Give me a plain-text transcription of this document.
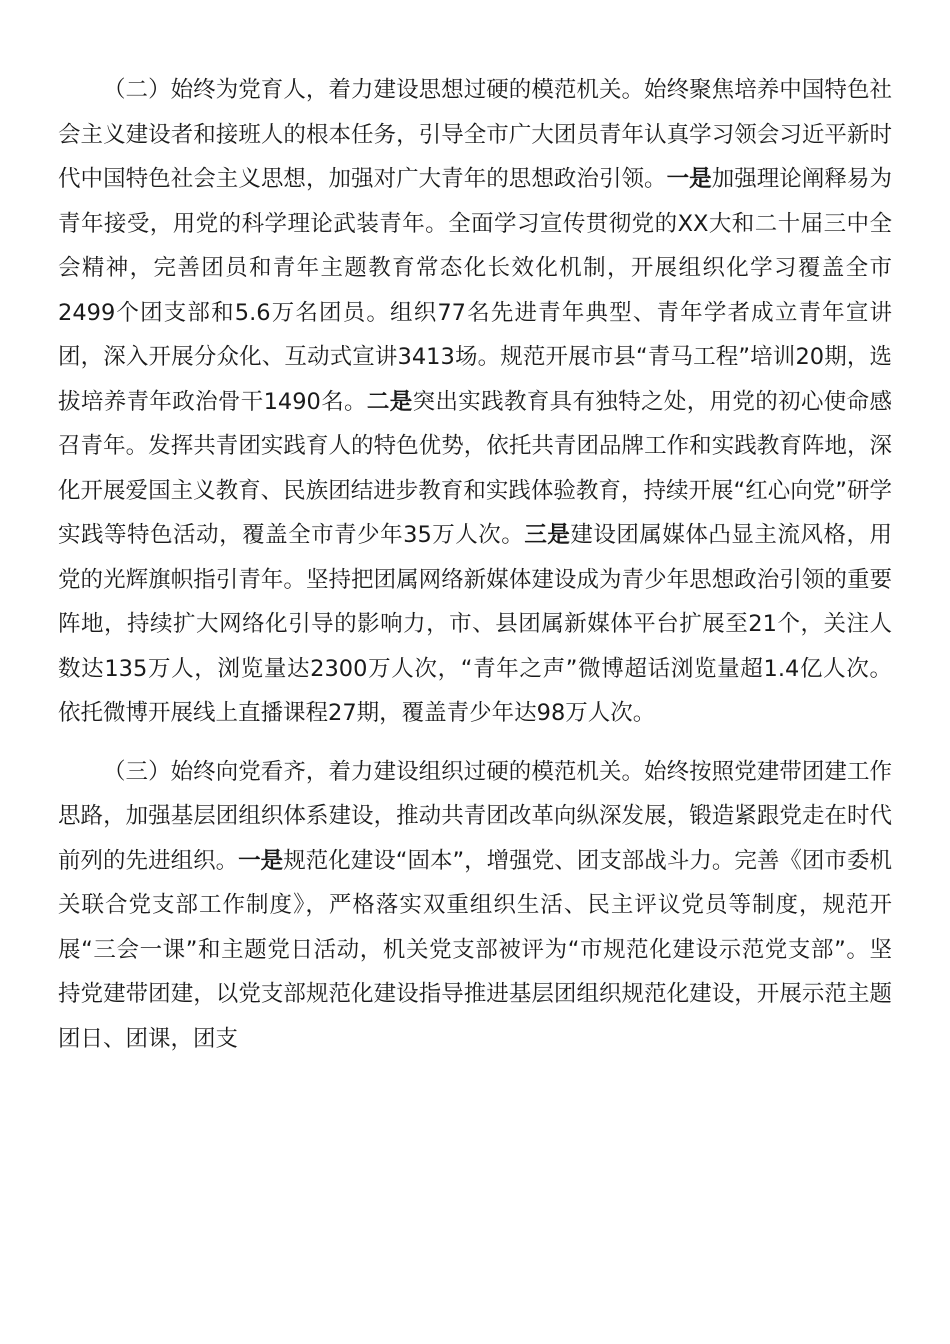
（二）始终为党育人，着力建设思想过硬的模范机关。始终聚焦培养中国特色社会主义建设者和接班人的根本任务，引导全市广大团员青年认真学习领会习近平新时代中国特色社会主义思想，加强对广大青年的思想政治引领。一是加强理论阐释易为青年接受，用党的科学理论武装青年。全面学习宣传贯彻党的XX大和二十届三中全会精神，完善团员和青年主题教育常态化长效化机制，开展组织化学习覆盖全市2499个团支部和5.6万名团员。组织77名先进青年典型、青年学者成立青年宣讲团，深入开展分众化、互动式宣讲3413场。规范开展市县“青马工程”培训20期，选拔培养青年政治骨干1490名。二是突出实践教育具有独特之处，用党的初心使命感召青年。发挥共青团实践育人的特色优势，依托共青团品牌工作和实践教育阵地，深化开展爱国主义教育、民族团结进步教育和实践体验教育，持续开展“红心向党”研学实践等特色活动，覆盖全市青少年35万人次。三是建设团属媒体凸显主流风格，用党的光辉旗帜指引青年。坚持把团属网络新媒体建设成为青少年思想政治引领的重要阵地，持续扩大网络化引导的影响力，市、县团属新媒体平台扩展至21个，关注人数达135万人，浏览量达2300万人次，“青年之声”微博超话浏览量超1.4亿人次。依托微博开展线上直播课程27期，覆盖青少年达98万人次。

（三）始终向党看齐，着力建设组织过硬的模范机关。始终按照党建带团建工作思路，加强基层团组织体系建设，推动共青团改革向纵深发展，锻造紧跟党走在时代前列的先进组织。一是规范化建设“固本”，增强党、团支部战斗力。完善《团市委机关联合党支部工作制度》，严格落实双重组织生活、民主评议党员等制度，规范开展“三会一课”和主题党日活动，机关党支部被评为“市规范化建设示范党支部”。坚持党建带团建，以党支部规范化建设指导推进基层团组织规范化建设，开展示范主题团日、团课，团支
